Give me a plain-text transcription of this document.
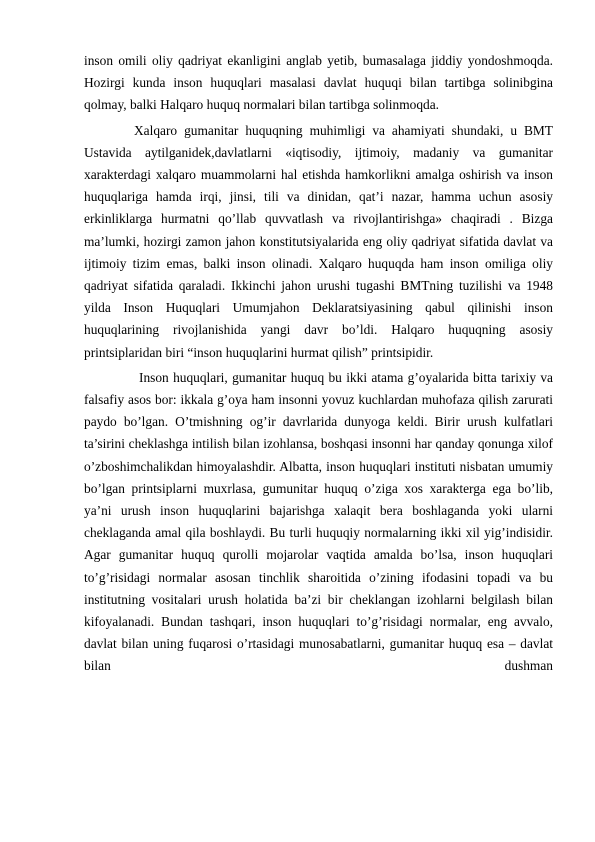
inson omili oliy qadriyat ekanligini anglab yetib, bumasalaga jiddiy yondoshmoqda. Hozirgi kunda inson huquqlari masalasi davlat huquqi bilan tartibga solinibgina qolmay, balki Halqaro huquq normalari bilan tartibga solinmoqda.

Xalqaro gumanitar huquqning muhimligi va ahamiyati shundaki, u BMT Ustavida aytilganidek,davlatlarni «iqtisodiy, ijtimoiy, madaniy va gumanitar xarakterdagi xalqaro muammolarni hal etishda hamkorlikni amalga oshirish va inson huquqlariga hamda irqi, jinsi, tili va dinidan, qat’i nazar, hamma uchun asosiy erkinliklarga hurmatni qo’llab quvvatlash va rivojlantirishga» chaqiradi . Bizga ma’lumki, hozirgi zamon jahon konstitutsiyalarida eng oliy qadriyat sifatida davlat va ijtimoiy tizim emas, balki inson olinadi. Xalqaro huquqda ham inson omiliga oliy qadriyat sifatida qaraladi. Ikkinchi jahon urushi tugashi BMTning tuzilishi va 1948 yilda Inson Huquqlari Umumjahon Deklaratsiyasining qabul qilinishi inson huquqlarining rivojlanishida yangi davr bo’ldi. Halqaro huquqning asosiy printsiplaridan biri “inson huquqlarini hurmat qilish” printsipidir.

Inson huquqlari, gumanitar huquq bu ikki atama g’oyalarida bitta tarixiy va falsafiy asos bor: ikkala g’oya ham insonni yovuz kuchlardan muhofaza qilish zarurati paydo bo’lgan. O’tmishning og’ir davrlarida dunyoga keldi. Birir urush kulfatlari ta’sirini cheklashga intilish bilan izohlansa, boshqasi insonni har qanday qonunga xilof o’zboshimchalikdan himoyalashdir. Albatta, inson huquqlari instituti nisbatan umumiy bo’lgan printsiplarni muxrlasa, gumunitar huquq o’ziga xos xarakterga ega bo’lib, ya’ni urush inson huquqlarini bajarishga xalaqit bera boshlaganda yoki ularni cheklaganda amal qila boshlaydi. Bu turli huquqiy normalarning ikki xil yig’indisidir. Agar gumanitar huquq qurolli mojarolar vaqtida amalda bo’lsa, inson huquqlari to’g’risidagi normalar asosan tinchlik sharoitida o’zining ifodasini topadi va bu institutning vositalari urush holatida ba’zi bir cheklangan izohlarni belgilash bilan kifoyalanadi. Bundan tashqari, inson huquqlari to’g’risidagi normalar, eng avvalo, davlat bilan uning fuqarosi o’rtasidagi munosabatlarni, gumanitar huquq esa – davlat bilan dushman
